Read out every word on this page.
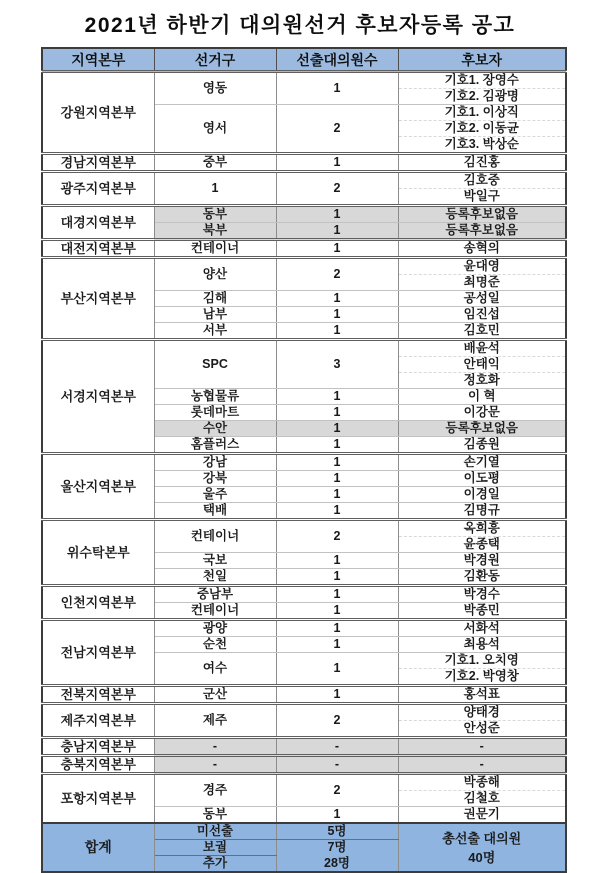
2021년 하반기 대의원선거 후보자등록 공고
지역본부	선거구	선출대의원수	후보자
강원지역본부	영동	1	기호1. 장영수
기호2. 김광명

	영서	2	기호1. 이상직
기호2. 이동균
기호3. 박상순

경남지역본부	중부	1	김진홍

광주지역본부	1	2	김호중
박일구

대경지역본부	동부	1	등록후보없음

	북부	1	등록후보없음

대전지역본부	컨테이너	1	송혁의

부산지역본부	양산	2	윤대영
최명준

	김해	1	공성일

	남부	1	임진섭

	서부	1	김호민

서경지역본부	SPC	3	배윤석
안태익
정호화

	농협물류	1	이 혁

	롯데마트	1	이강문

	수안	1	등록후보없음

	홈플러스	1	김종원

울산지역본부	강남	1	손기열

	강북	1	이도평

	울주	1	이경일

	택배	1	김명규

위수탁본부	컨테이너	2	옥희흥
윤종택

	국보	1	박경원

	천일	1	김환동

인천지역본부	중남부	1	박경수

	컨테이너	1	박종민

전남지역본부	광양	1	서화석

	순천	1	최용석

	여수	1	기호1. 오치영
기호2. 박영창

전북지역본부	군산	1	홍석표

제주지역본부	제주	2	양태경
안성준

충남지역본부	-	-	-

충북지역본부	-	-	-

포항지역본부	경주	2	박종해
김철호

	동부	1	권문기

합계	미선출	5명	총선출 대의원
40명

	보궐	7명	
	추가	28명	
